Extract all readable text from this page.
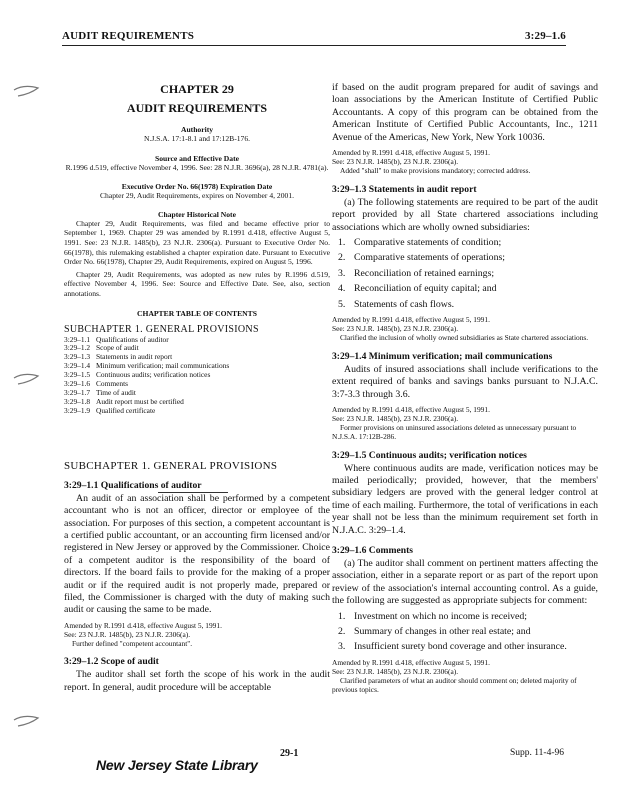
AUDIT REQUIREMENTS	3:29–1.6
CHAPTER 29
AUDIT REQUIREMENTS
Authority
N.J.S.A. 17:1-8.1 and 17:12B-176.
Source and Effective Date
R.1996 d.519, effective November 4, 1996. See: 28 N.J.R. 3696(a), 28 N.J.R. 4781(a).
Executive Order No. 66(1978) Expiration Date
Chapter 29, Audit Requirements, expires on November 4, 2001.
Chapter Historical Note
Chapter 29, Audit Requirements, was filed and became effective prior to September 1, 1969. Chapter 29 was amended by R.1991 d.418, effective August 5, 1991. See: 23 N.J.R. 1485(b), 23 N.J.R. 2306(a). Pursuant to Executive Order No. 66(1978), this rulemaking established a chapter expiration date. Pursuant to Executive Order No. 66(1978), Chapter 29, Audit Requirements, expired on August 5, 1996.
Chapter 29, Audit Requirements, was adopted as new rules by R.1996 d.519, effective November 4, 1996. See: Source and Effective Date. See, also, section annotations.
CHAPTER TABLE OF CONTENTS
SUBCHAPTER 1. GENERAL PROVISIONS
3:29–1.1 Qualifications of auditor
3:29–1.2 Scope of audit
3:29–1.3 Statements in audit report
3:29–1.4 Minimum verification; mail communications
3:29–1.5 Continuous audits; verification notices
3:29–1.6 Comments
3:29–1.7 Time of audit
3:29–1.8 Audit report must be certified
3:29–1.9 Qualified certificate
SUBCHAPTER 1. GENERAL PROVISIONS
3:29–1.1 Qualifications of auditor
An audit of an association shall be performed by a competent accountant who is not an officer, director or employee of the association. For purposes of this section, a competent accountant is a certified public accountant, or an accounting firm licensed and/or registered in New Jersey or approved by the Commissioner. Choice of a competent auditor is the responsibility of the board of directors. If the board fails to provide for the making of a proper audit or if the required audit is not properly made, prepared or filed, the Commissioner is charged with the duty of making such audit or causing the same to be made.
Amended by R.1991 d.418, effective August 5, 1991.
See: 23 N.J.R. 1485(b), 23 N.J.R. 2306(a).
Further defined "competent accountant".
3:29–1.2 Scope of audit
The auditor shall set forth the scope of his work in the audit report. In general, audit procedure will be acceptable
if based on the audit program prepared for audit of savings and loan associations by the American Institute of Certified Public Accountants. A copy of this program can be obtained from the American Institute of Certified Public Accountants, Inc., 1211 Avenue of the Americas, New York, New York 10036.
Amended by R.1991 d.418, effective August 5, 1991.
See: 23 N.J.R. 1485(b), 23 N.J.R. 2306(a).
Added "shall" to make provisions mandatory; corrected address.
3:29–1.3 Statements in audit report
(a) The following statements are required to be part of the audit report provided by all State chartered associations including associations which are wholly owned subsidiaries:
1. Comparative statements of condition;
2. Comparative statements of operations;
3. Reconciliation of retained earnings;
4. Reconciliation of equity capital; and
5. Statements of cash flows.
Amended by R.1991 d.418, effective August 5, 1991.
See: 23 N.J.R. 1485(b), 23 N.J.R. 2306(a).
Clarified the inclusion of wholly owned subsidiaries as State chartered associations.
3:29–1.4 Minimum verification; mail communications
Audits of insured associations shall include verifications to the extent required of banks and savings banks pursuant to N.J.A.C. 3:7-3.3 through 3.6.
Amended by R.1991 d.418, effective August 5, 1991.
See: 23 N.J.R. 1485(b), 23 N.J.R. 2306(a).
Former provisions on uninsured associations deleted as unnecessary pursuant to N.J.S.A. 17:12B-286.
3:29–1.5 Continuous audits; verification notices
Where continuous audits are made, verification notices may be mailed periodically; provided, however, that the members' subsidiary ledgers are proved with the general ledger control at time of each mailing. Furthermore, the total of verifications in each year shall not be less than the minimum requirement set forth in N.J.A.C. 3:29–1.4.
3:29–1.6 Comments
(a) The auditor shall comment on pertinent matters affecting the association, either in a separate report or as part of the report upon review of the association's internal accounting control. As a guide, the following are suggested as appropriate subjects for comment:
1. Investment on which no income is received;
2. Summary of changes in other real estate; and
3. Insufficient surety bond coverage and other insurance.
Amended by R.1991 d.418, effective August 5, 1991.
See: 23 N.J.R. 1485(b), 23 N.J.R. 2306(a).
Clarified parameters of what an auditor should comment on; deleted majority of previous topics.
29-1	Supp. 11-4-96
New Jersey State Library
